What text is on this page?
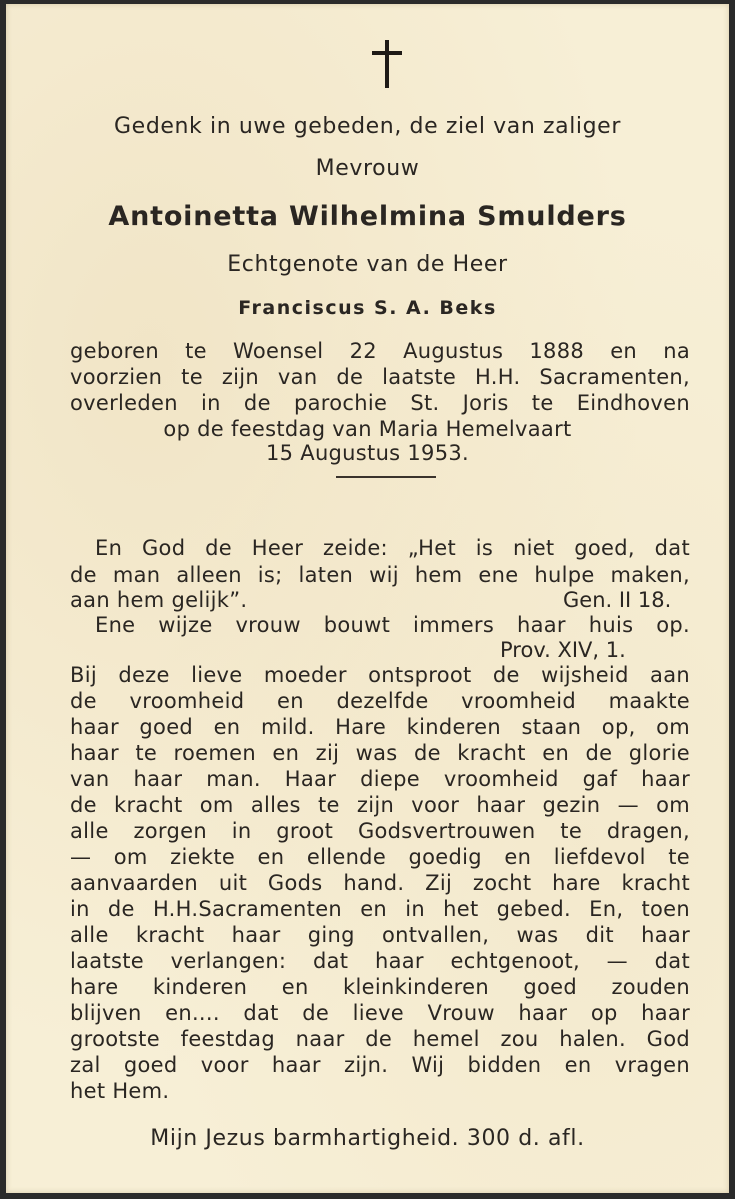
Gedenk in uwe gebeden, de ziel van zaliger
Mevrouw
Antoinetta Wilhelmina Smulders
Echtgenote van de Heer
Franciscus S. A. Beks
geboren te Woensel 22 Augustus 1888 en na
voorzien te zijn van de laatste H.H. Sacramenten,
overleden in de parochie St. Joris te Eindhoven
op de feestdag van Maria Hemelvaart
15 Augustus 1953.
En God de Heer zeide: „Het is niet goed, dat
de man alleen is; laten wij hem ene hulpe maken,
aan hem gelijk”.	Gen. II 18.
Ene wijze vrouw bouwt immers haar huis op.
Prov. XIV, 1.
Bij deze lieve moeder ontsproot de wijsheid aan
de vroomheid en dezelfde vroomheid maakte
haar goed en mild. Hare kinderen staan op, om
haar te roemen en zij was de kracht en de glorie
van haar man. Haar diepe vroomheid gaf haar
de kracht om alles te zijn voor haar gezin — om
alle zorgen in groot Godsvertrouwen te dragen,
— om ziekte en ellende goedig en liefdevol te
aanvaarden uit Gods hand. Zij zocht hare kracht
in de H.H.Sacramenten en in het gebed. En, toen
alle kracht haar ging ontvallen, was dit haar
laatste verlangen: dat haar echtgenoot, — dat
hare kinderen en kleinkinderen goed zouden
blijven en.... dat de lieve Vrouw haar op haar
grootste feestdag naar de hemel zou halen. God
zal goed voor haar zijn. Wij bidden en vragen
het Hem.
Mijn Jezus barmhartigheid. 300 d. afl.
